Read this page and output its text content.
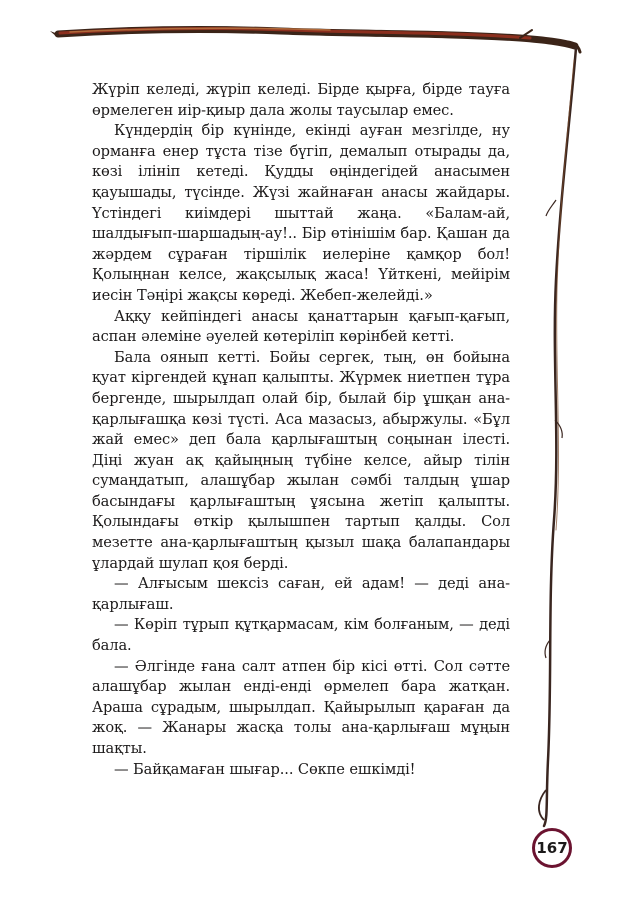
Жүріп келеді, жүріп келеді. Бірде қырға, бірде тауға өрмелеген иір-қиыр дала жолы таусылар емес.

Күндердің бір күнінде, екінді ауған мезгілде, ну орманға енер тұста тізе бүгіп, демалып отырады да, көзі ілініп кетеді. Қудды өңіндегідей анасымен қауышады, түсінде. Жүзі жайнаған анасы жайдары. Үстіндегі киімдері шыттай жаңа. «Балам-ай, шалдығып-шаршадың-ау!.. Бір өтінішім бар. Қашан да жәрдем сұраған тіршілік иелеріне қамқор бол! Қолыңнан келсе, жақсылық жаса! Үйткені, мейірім иесін Тәңірі жақсы көреді. Жебеп-желейді.»

Аққу кейпіндегі анасы қанаттарын қағып-қағып, аспан әлеміне әуелей көтеріліп көрінбей кетті.

Бала оянып кетті. Бойы сергек, тың, өн бойына қуат кіргендей құнап қалыпты. Жүрмек ниетпен тұра бергенде, шырылдап олай бір, былай бір ұшқан ана-қарлығашқа көзі түсті. Аса мазасыз, абыржулы. «Бұл жай емес» деп бала қарлығаштың соңынан ілесті. Діңі жуан ақ қайыңның түбіне келсе, айыр тілін сумаңдатып, алашұбар жылан сәмбі талдың ұшар басындағы қарлығаштың ұясына жетіп қалыпты. Қолындағы өткір қылышпен тартып қалды. Сол мезетте ана-қарлығаштың қызыл шақа балапандары ұлардай шулап қоя берді.

— Алғысым шексіз саған, ей адам! — деді ана-қарлығаш.

— Көріп тұрып құтқармасам, кім болғаным, — деді бала.

— Әлгінде ғана салт атпен бір кісі өтті. Сол сәтте алашұбар жылан енді-енді өрмелеп бара жатқан. Араша сұрадым, шырылдап. Қайырылып қараған да жоқ. — Жанары жасқа толы ана-қарлығаш мұңын шақты.

— Байқамаған шығар... Сөкпе ешкімді!

167
